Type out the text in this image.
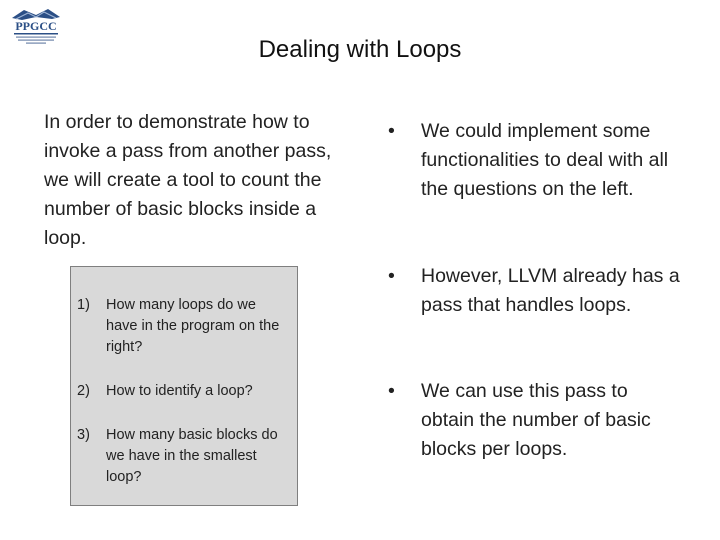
PPGCC
Dealing with Loops
In order to demonstrate how to invoke a pass from another pass, we will create a tool to count the number of basic blocks inside a loop.
1)	How many loops do we have in the program on the right?
2)	How to identify a loop?
3)	How many basic blocks do we have in the smallest loop?
•	We could implement some functionalities to deal with all the questions on the left.
•	However, LLVM already has a pass that handles loops.
•	We can use this pass to obtain the number of basic blocks per loops.
